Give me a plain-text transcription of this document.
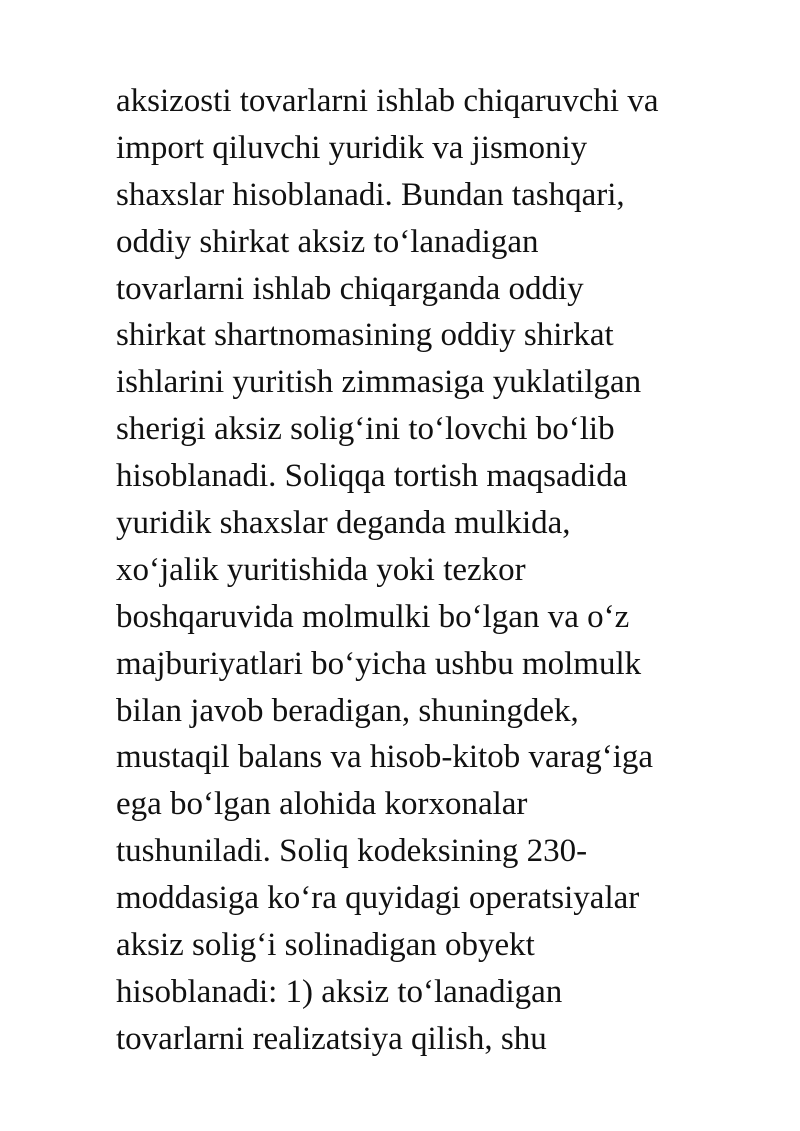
aksizosti tovarlarni ishlab chiqaruvchi va
import qiluvchi yuridik va jismoniy
shaxslar hisoblanadi. Bundan tashqari,
oddiy shirkat aksiz to‘lanadigan
tovarlarni ishlab chiqarganda oddiy
shirkat shartnomasining oddiy shirkat
ishlarini yuritish zimmasiga yuklatilgan
sherigi aksiz solig‘ini to‘lovchi bo‘lib
hisoblanadi. Soliqqa tortish maqsadida
yuridik shaxslar deganda mulkida,
xo‘jalik yuritishida yoki tezkor
boshqaruvida molmulki bo‘lgan va o‘z
majburiyatlari bo‘yicha ushbu molmulk
bilan javob beradigan, shuningdek,
mustaqil balans va hisob-kitob varag‘iga
ega bo‘lgan alohida korxonalar
tushuniladi. Soliq kodeksining 230-
moddasiga ko‘ra quyidagi operatsiyalar
aksiz solig‘i solinadigan obyekt
hisoblanadi: 1) aksiz to‘lanadigan
tovarlarni realizatsiya qilish, shu
